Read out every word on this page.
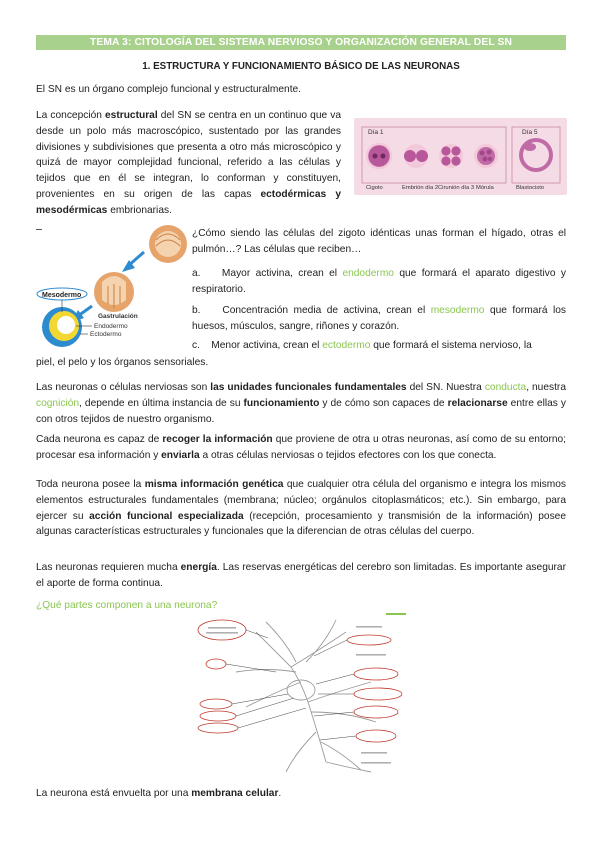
TEMA 3: CITOLOGÍA DEL SISTEMA NERVIOSO Y ORGANIZACIÓN GENERAL DEL SN
1. ESTRUCTURA Y FUNCIONAMIENTO BÁSICO DE LAS NEURONAS
El SN es un órgano complejo funcional y estructuralmente.
La concepción estructural del SN se centra en un continuo que va desde un polo más macroscópico, sustentado por las grandes divisiones y subdivisiones que presenta a otro más microscópico y quizá de mayor complejidad funcional, referido a las células y tejidos que en él se integran, lo conforman y constituyen, provenientes en su origen de las capas ectodérmicas y mesodérmicas embrionarias.
Día 1	Día 5
Cigoto	Embrión día 2 Cirunión día 3 Mórula	Blastocisto
Gastrulación
Mesodermo
Endodermo
Ectodermo
¿Cómo siendo las células del zigoto idénticas unas forman el hígado, otras el pulmón…? Las células que reciben…
a. Mayor activina, crean el endodermo que formará el aparato digestivo y respiratorio.
b. Concentración media de activina, crean el mesodermo que formará los huesos, músculos, sangre, riñones y corazón.
c. Menor activina, crean el ectodermo que formará el sistema nervioso, la
piel, el pelo y los órganos sensoriales.
Las neuronas o células nerviosas son las unidades funcionales fundamentales del SN. Nuestra conducta, nuestra cognición, depende en última instancia de su funcionamiento y de cómo son capaces de relacionarse entre ellas y con otros tejidos de nuestro organismo.
Cada neurona es capaz de recoger la información que proviene de otra u otras neuronas, así como de su entorno; procesar esa información y enviarla a otras células nerviosas o tejidos efectores con los que conecta.
Toda neurona posee la misma información genética que cualquier otra célula del organismo e integra los mismos elementos estructurales fundamentales (membrana; núcleo; orgánulos citoplasmáticos; etc.). Sin embargo, para ejercer su acción funcional especializada (recepción, procesamiento y transmisión de la información) posee algunas características estructurales y funcionales que la diferencian de otras células del cuerpo.
Las neuronas requieren mucha energía. Las reservas energéticas del cerebro son limitadas. Es importante asegurar el aporte de forma continua.
¿Qué partes componen a una neurona?
La neurona está envuelta por una membrana celular.
